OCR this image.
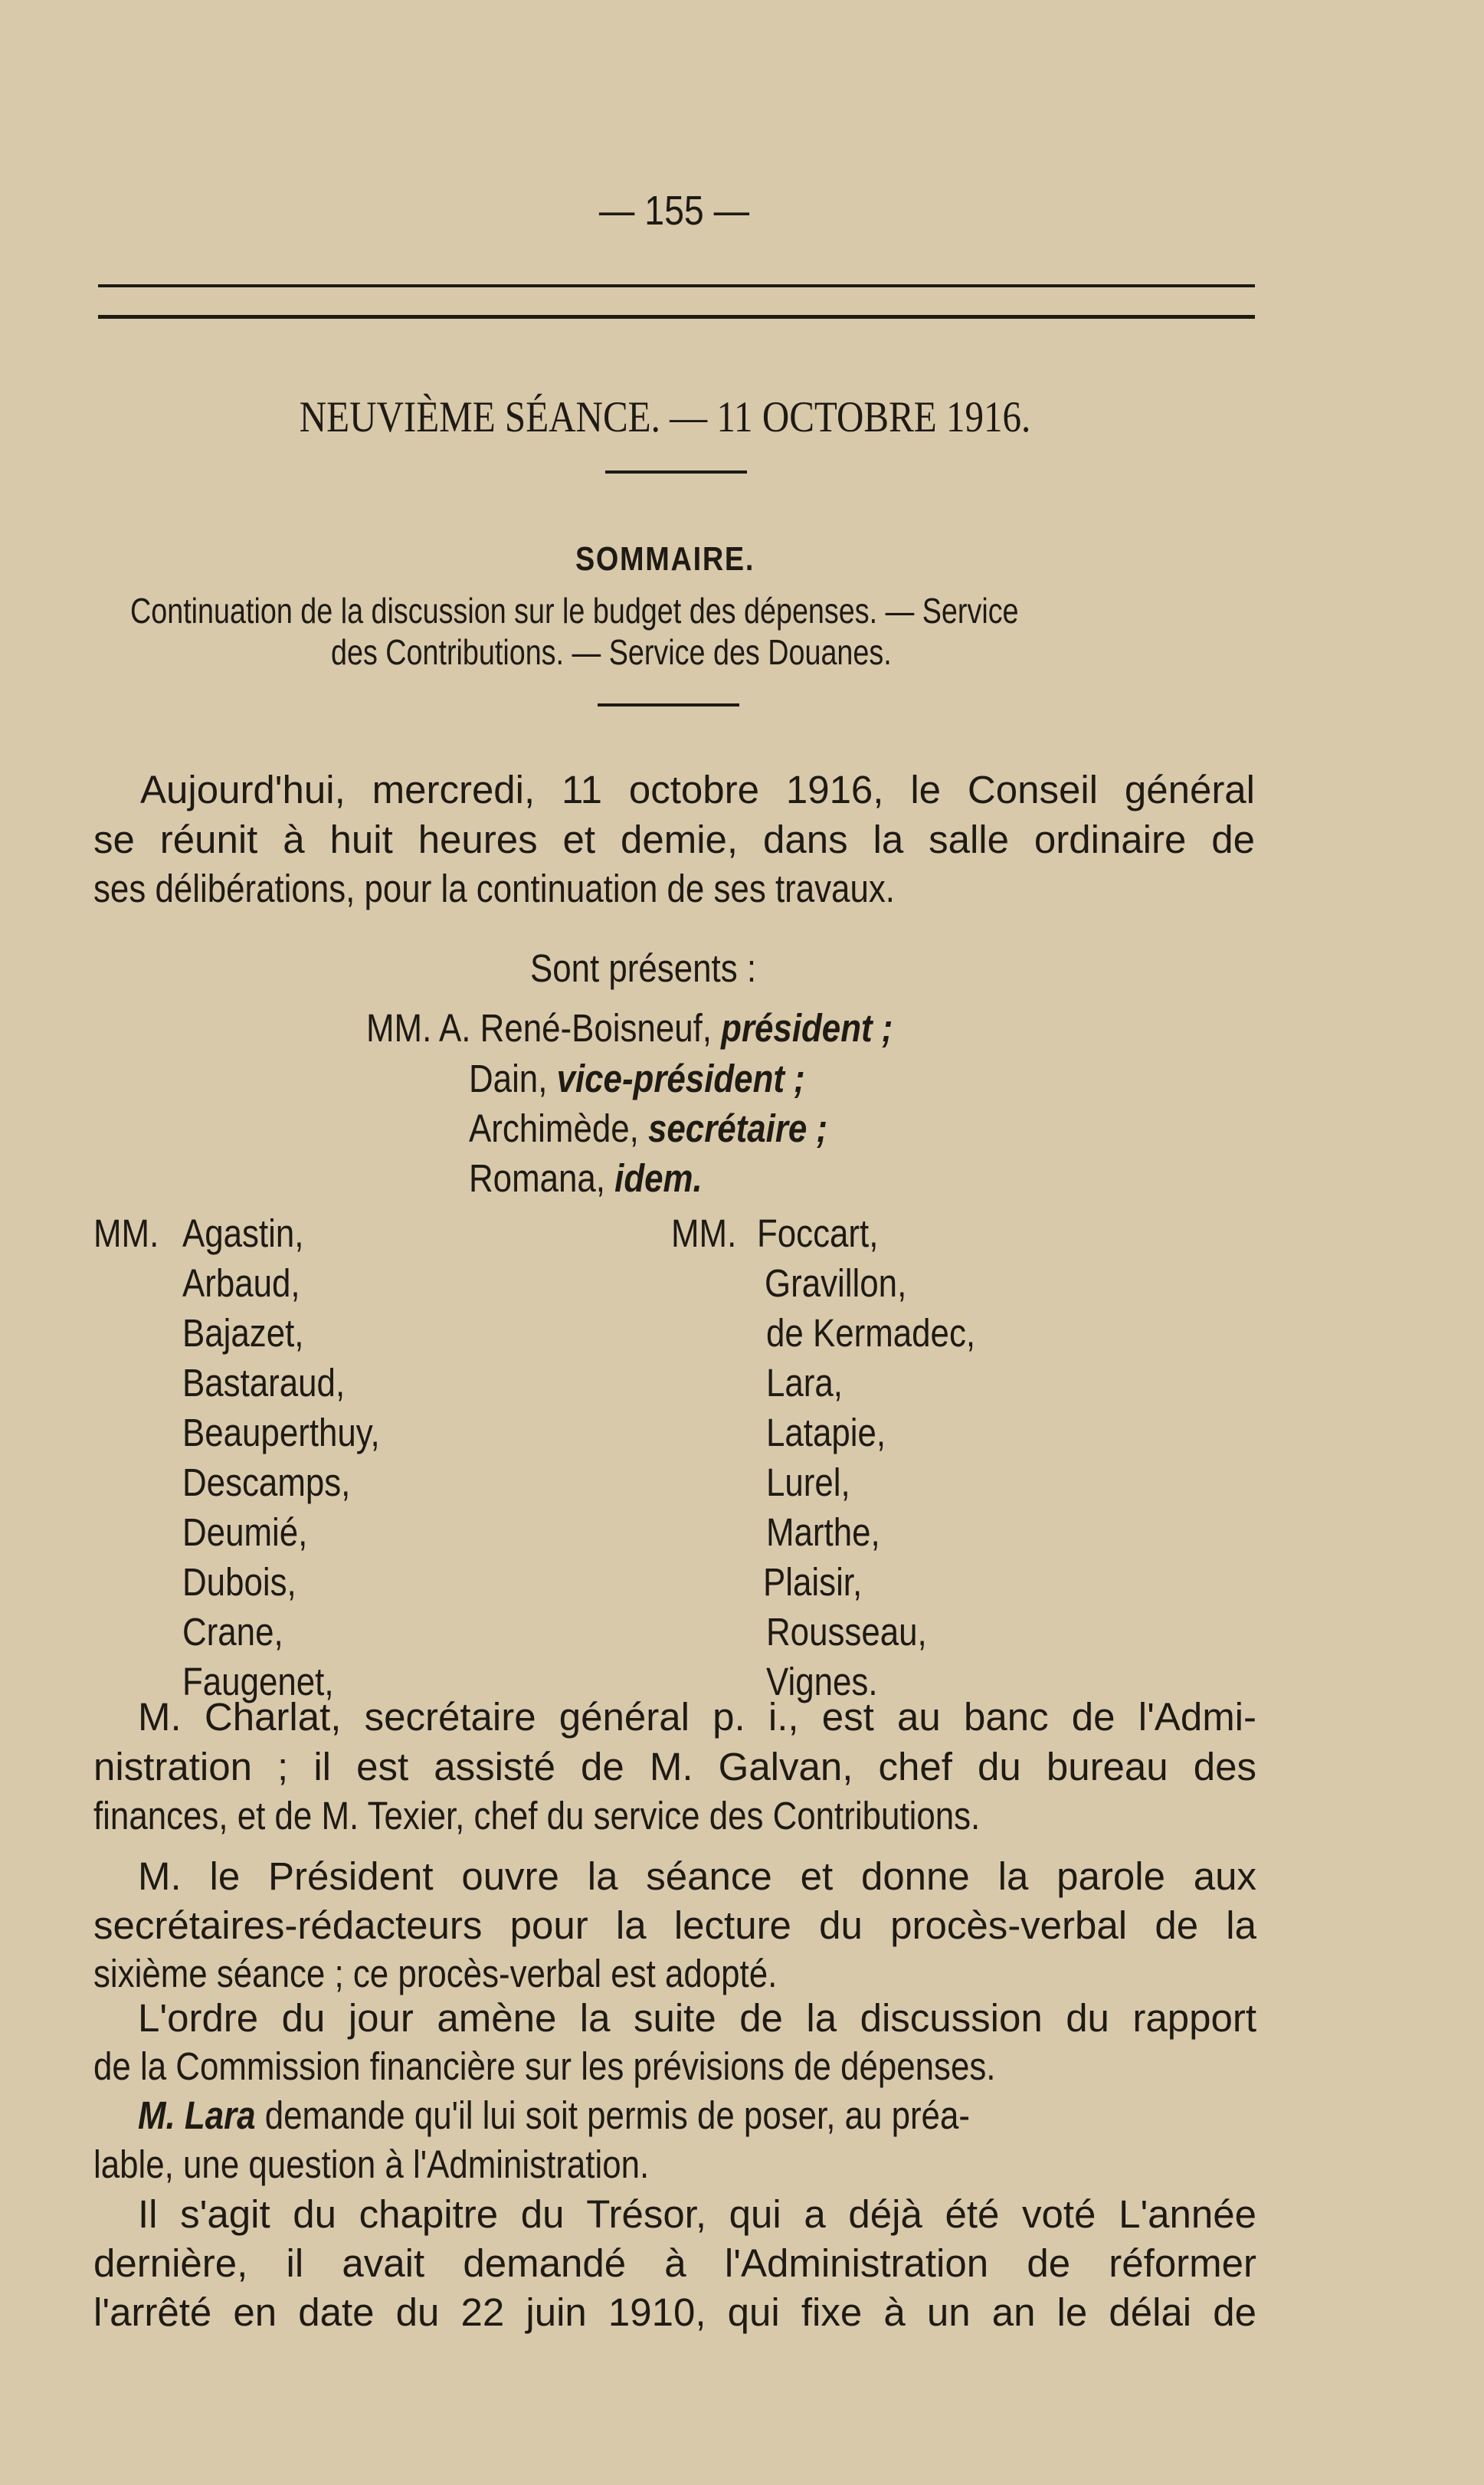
— 155 —
NEUVIÈME SÉANCE. — 11 OCTOBRE 1916.
SOMMAIRE.
Continuation de la discussion sur le budget des dépenses. — Service
des Contributions. — Service des Douanes.
Aujourd'hui, mercredi, 11 octobre 1916, le Conseil général
se réunit à huit heures et demie, dans la salle ordinaire de
ses délibérations, pour la continuation de ses travaux.
Sont présents :
MM. A. René-Boisneuf, président ;
Dain, vice-président ;
Archimède, secrétaire ;
Romana, idem.
MM. Agastin,
Arbaud,
Bajazet,
Bastaraud,
Beauperthuy,
Descamps,
Deumié,
Dubois,
Crane,
Faugenet,
MM. Foccart,
Gravillon,
de Kermadec,
Lara,
Latapie,
Lurel,
Marthe,
Plaisir,
Rousseau,
Vignes.
M. Charlat, secrétaire général p. i., est au banc de l'Admi-
nistration ; il est assisté de M. Galvan, chef du bureau des
finances, et de M. Texier, chef du service des Contributions.
M. le Président ouvre la séance et donne la parole aux
secrétaires-rédacteurs pour la lecture du procès-verbal de la
sixième séance ; ce procès-verbal est adopté.
L'ordre du jour amène la suite de la discussion du rapport
de la Commission financière sur les prévisions de dépenses.
M. Lara demande qu'il lui soit permis de poser, au préa-
lable, une question à l'Administration.
Il s'agit du chapitre du Trésor, qui a déjà été voté L'année
dernière, il avait demandé à l'Administration de réformer
l'arrêté en date du 22 juin 1910, qui fixe à un an le délai de
